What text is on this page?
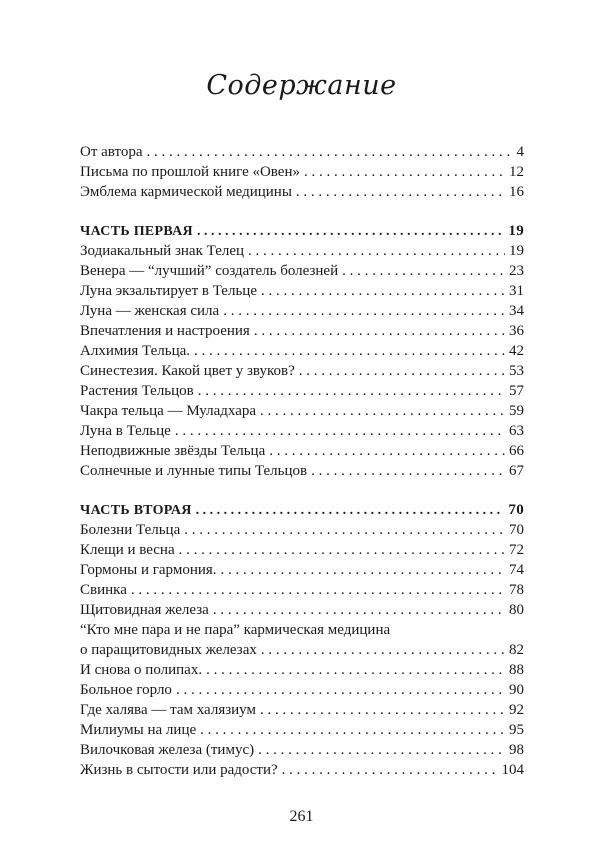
Содержание
От автора . . .	4
Письма по прошлой книге «Овен» . . .	12
Эмблема кармической медицины . . .	16
ЧАСТЬ ПЕРВАЯ . . .	19
Зодиакальный знак Телец . . .	19
Венера — “лучший” создатель болезней . . .	23
Луна экзальтирует в Тельце . . .	31
Луна — женская сила . . .	34
Впечатления и настроения . . .	36
Алхимия Тельца. . . .	42
Синестезия. Какой цвет у звуков? . . .	53
Растения Тельцов . . .	57
Чакра тельца — Муладхара . . .	59
Луна в Тельце . . .	63
Неподвижные звёзды Тельца . . .	66
Солнечные и лунные типы Тельцов . . .	67
ЧАСТЬ ВТОРАЯ . . .	70
Болезни Тельца . . .	70
Клещи и весна . . .	72
Гормоны и гармония. . . .	74
Свинка . . .	78
Щитовидная железа . . .	80
“Кто мне пара и не пара” кармическая медицина
о паращитовидных железах . . .	82
И снова о полипах. . . .	88
Больное горло . . .	90
Где халява — там халязиум . . .	92
Милиумы на лице . . .	95
Вилочковая железа (тимус) . . .	98
Жизнь в сытости или радости? . . .	104
261
